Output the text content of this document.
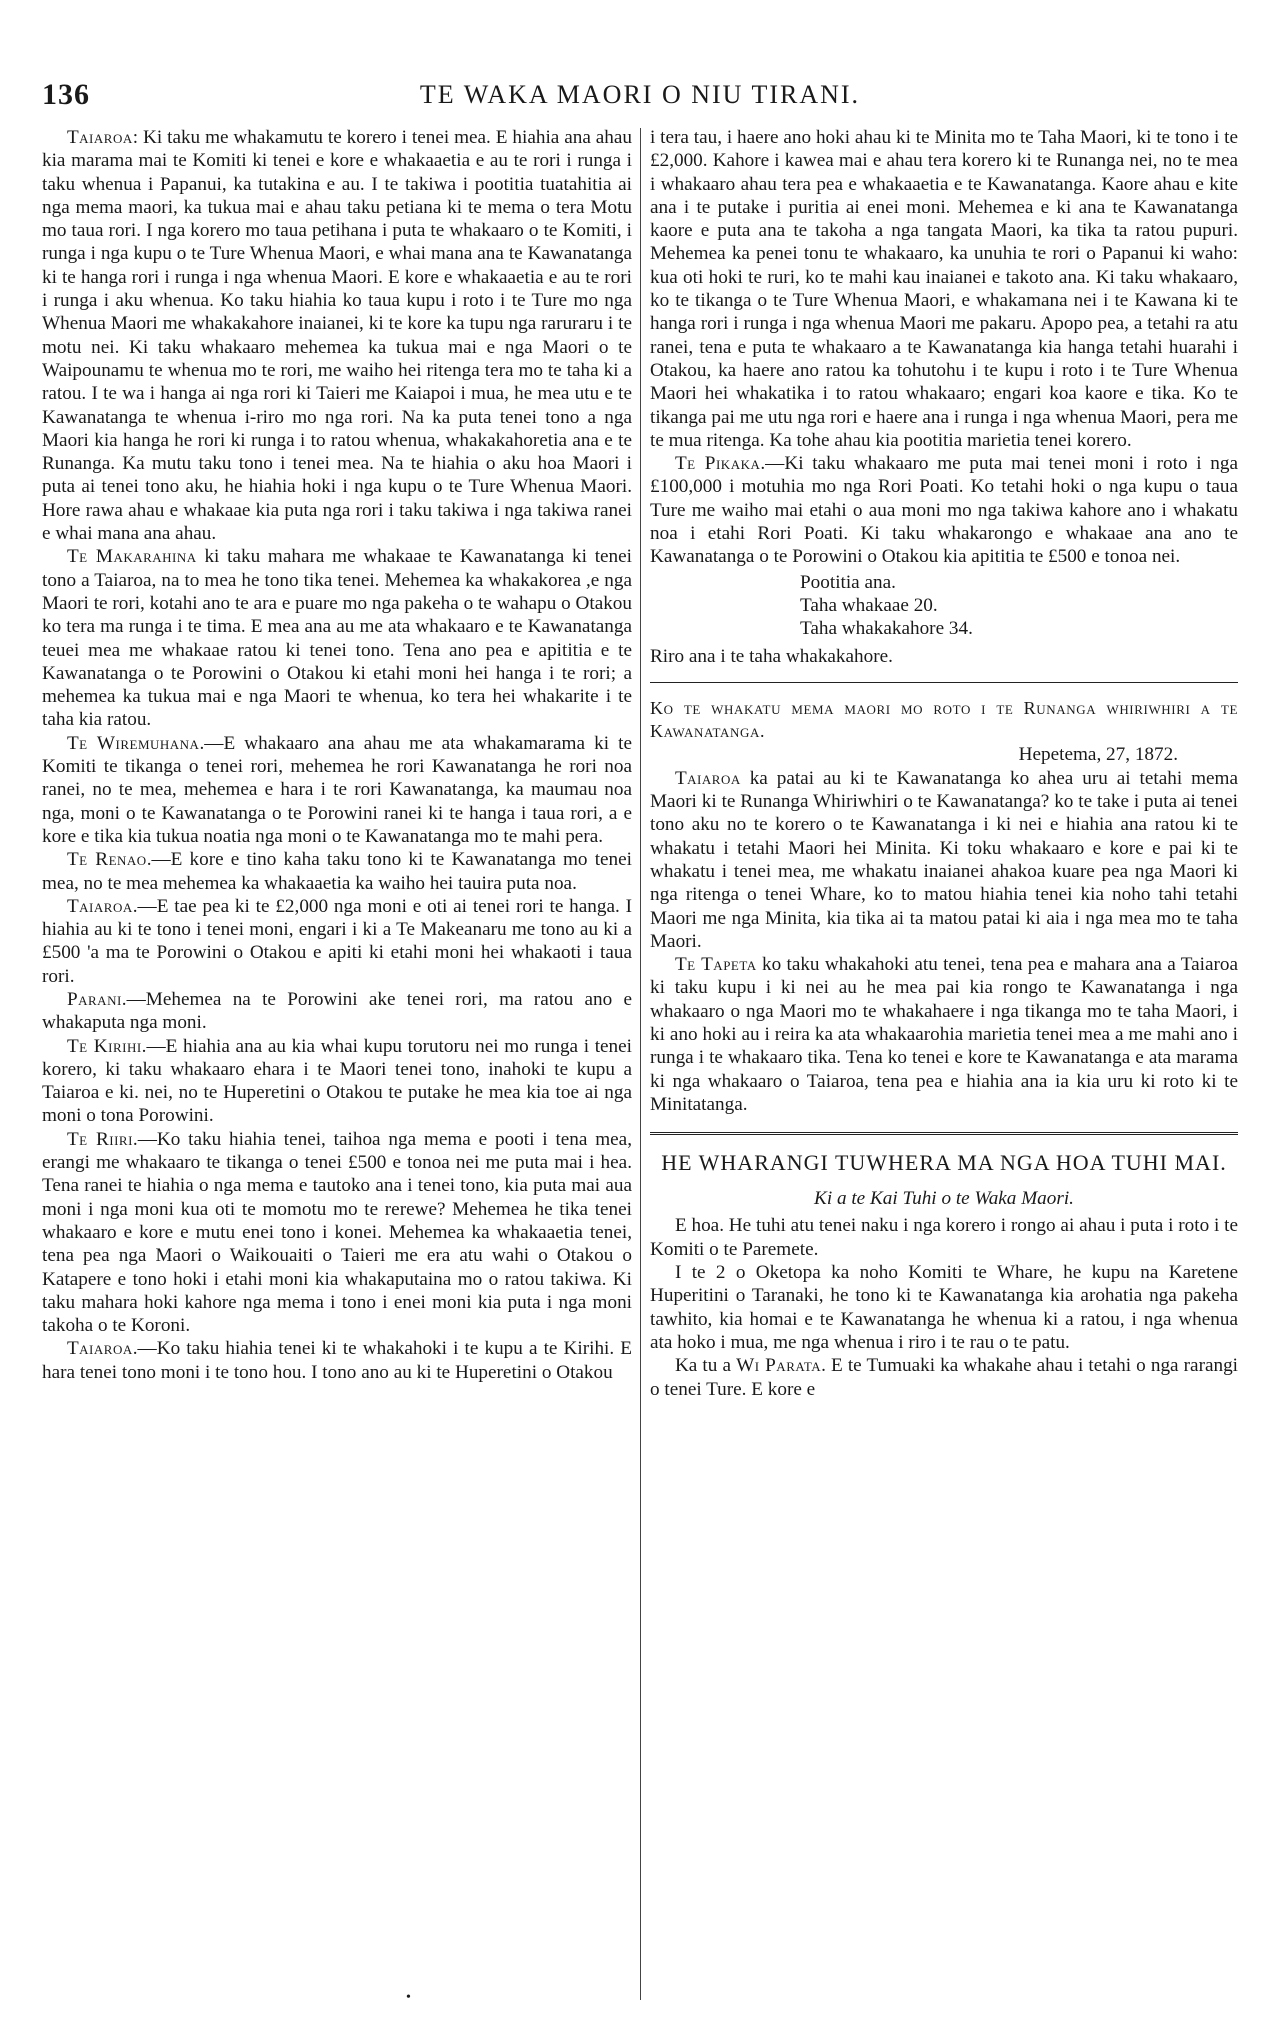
136	TE WAKA MAORI O NIU TIRANI.

Taiaroa: Ki taku me whakamutu te korero i tenei mea. E hiahia ana ahau kia marama mai te Komiti ki tenei e kore e whakaaetia e au te rori i runga i taku whenua i Papanui, ka tutakina e au. I te takiwa i pootitia tuatahitia ai nga mema maori, ka tukua mai e ahau taku petiana ki te mema o tera Motu mo taua rori. I nga korero mo taua petihana i puta te whakaaro o te Komiti, i runga i nga kupu o te Ture Whenua Maori, e whai mana ana te Kawanatanga ki te hanga rori i runga i nga whenua Maori. E kore e whakaaetia e au te rori i runga i aku whenua. Ko taku hiahia ko taua kupu i roto i te Ture mo nga Whenua Maori me whakakahore inaianei, ki te kore ka tupu nga raruraru i te motu nei. Ki taku whakaaro mehemea ka tukua mai e nga Maori o te Waipounamu te whenua mo te rori, me waiho hei ritenga tera mo te taha ki a ratou. I te wa i hanga ai nga rori ki Taieri me Kaiapoi i mua, he mea utu e te Kawanatanga te whenua i-riro mo nga rori. Na ka puta tenei tono a nga Maori kia hanga he rori ki runga i to ratou whenua, whakakahoretia ana e te Runanga. Ka mutu taku tono i tenei mea. Na te hiahia o aku hoa Maori i puta ai tenei tono aku, he hiahia hoki i nga kupu o te Ture Whenua Maori. Hore rawa ahau e whakaae kia puta nga rori i taku takiwa i nga takiwa ranei e whai mana ana ahau.

Te Makarahina ki taku mahara me whakaae te Kawanatanga ki tenei tono a Taiaroa, na to mea he tono tika tenei. Mehemea ka whakakorea ,e nga Maori te rori, kotahi ano te ara e puare mo nga pakeha o te wahapu o Otakou ko tera ma runga i te tima. E mea ana au me ata whakaaro e te Kawanatanga teuei mea me whakaae ratou ki tenei tono. Tena ano pea e apititia e te Kawanatanga o te Porowini o Otakou ki etahi moni hei hanga i te rori; a mehemea ka tukua mai e nga Maori te whenua, ko tera hei whakarite i te taha kia ratou.

Te Wiremuhana.—E whakaaro ana ahau me ata whakamarama ki te Komiti te tikanga o tenei rori, mehemea he rori Kawanatanga he rori noa ranei, no te mea, mehemea e hara i te rori Kawanatanga, ka maumau noa nga, moni o te Kawanatanga o te Porowini ranei ki te hanga i taua rori, a e kore e tika kia tukua noatia nga moni o te Kawanatanga mo te mahi pera.

Te Renao.—E kore e tino kaha taku tono ki te Kawanatanga mo tenei mea, no te mea mehemea ka whakaaetia ka waiho hei tauira puta noa.

Taiaroa.—E tae pea ki te £2,000 nga moni e oti ai tenei rori te hanga. I hiahia au ki te tono i tenei moni, engari i ki a Te Makeanaru me tono au ki a £500 'a ma te Porowini o Otakou e apiti ki etahi moni hei whakaoti i taua rori.

Parani.—Mehemea na te Porowini ake tenei rori, ma ratou ano e whakaputa nga moni.

Te Kirihi.—E hiahia ana au kia whai kupu torutoru nei mo runga i tenei korero, ki taku whakaaro ehara i te Maori tenei tono, inahoki te kupu a Taiaroa e ki. nei, no te Huperetini o Otakou te putake he mea kia toe ai nga moni o tona Porowini.

Te Riiri.—Ko taku hiahia tenei, taihoa nga mema e pooti i tena mea, erangi me whakaaro te tikanga o tenei £500 e tonoa nei me puta mai i hea. Tena ranei te hiahia o nga mema e tautoko ana i tenei tono, kia puta mai aua moni i nga moni kua oti te momotu mo te rerewe? Mehemea he tika tenei whakaaro e kore e mutu enei tono i konei. Mehemea ka whakaaetia tenei, tena pea nga Maori o Waikouaiti o Taieri me era atu wahi o Otakou o Katapere e tono hoki i etahi moni kia whakaputaina mo o ratou takiwa. Ki taku mahara hoki kahore nga mema i tono i enei moni kia puta i nga moni takoha o te Koroni.

Taiaroa.—Ko taku hiahia tenei ki te whakahoki i te kupu a te Kirihi. E hara tenei tono moni i te tono hou. I tono ano au ki te Huperetini o Otakou

i tera tau, i haere ano hoki ahau ki te Minita mo te Taha Maori, ki te tono i te £2,000. Kahore i kawea mai e ahau tera korero ki te Runanga nei, no te mea i whakaaro ahau tera pea e whakaaetia e te Kawanatanga. Kaore ahau e kite ana i te putake i puritia ai enei moni. Mehemea e ki ana te Kawanatanga kaore e puta ana te takoha a nga tangata Maori, ka tika ta ratou pupuri. Mehemea ka penei tonu te whakaaro, ka unuhia te rori o Papanui ki waho: kua oti hoki te ruri, ko te mahi kau inaianei e takoto ana. Ki taku whakaaro, ko te tikanga o te Ture Whenua Maori, e whakamana nei i te Kawana ki te hanga rori i runga i nga whenua Maori me pakaru. Apopo pea, a tetahi ra atu ranei, tena e puta te whakaaro a te Kawanatanga kia hanga tetahi huarahi i Otakou, ka haere ano ratou ka tohutohu i te kupu i roto i te Ture Whenua Maori hei whakatika i to ratou whakaaro; engari koa kaore e tika. Ko te tikanga pai me utu nga rori e haere ana i runga i nga whenua Maori, pera me te mua ritenga. Ka tohe ahau kia pootitia marietia tenei korero.

Te Pikaka.—Ki taku whakaaro me puta mai tenei moni i roto i nga £100,000 i motuhia mo nga Rori Poati. Ko tetahi hoki o nga kupu o taua Ture me waiho mai etahi o aua moni mo nga takiwa kahore ano i whakatu noa i etahi Rori Poati. Ki taku whakarongo e whakaae ana ano te Kawanatanga o te Porowini o Otakou kia apititia te £500 e tonoa nei.

Pootitia ana.
Taha whakaae 20.
Taha whakakahore 34.

Riro ana i te taha whakakahore.

Ko te whakatu mema maori mo roto i te Runanga whiriwhiri a te Kawanatanga.

Hepetema, 27, 1872.

Taiaroa ka patai au ki te Kawanatanga ko ahea uru ai tetahi mema Maori ki te Runanga Whiriwhiri o te Kawanatanga? ko te take i puta ai tenei tono aku no te korero o te Kawanatanga i ki nei e hiahia ana ratou ki te whakatu i tetahi Maori hei Minita. Ki toku whakaaro e kore e pai ki te whakatu i tenei mea, me whakatu inaianei ahakoa kuare pea nga Maori ki nga ritenga o tenei Whare, ko to matou hiahia tenei kia noho tahi tetahi Maori me nga Minita, kia tika ai ta matou patai ki aia i nga mea mo te taha Maori.

Te Tapeta ko taku whakahoki atu tenei, tena pea e mahara ana a Taiaroa ki taku kupu i ki nei au he mea pai kia rongo te Kawanatanga i nga whakaaro o nga Maori mo te whakahaere i nga tikanga mo te taha Maori, i ki ano hoki au i reira ka ata whakaarohia marietia tenei mea a me mahi ano i runga i te whakaaro tika. Tena ko tenei e kore te Kawanatanga e ata marama ki nga whakaaro o Taiaroa, tena pea e hiahia ana ia kia uru ki roto ki te Minitatanga.

HE WHARANGI TUWHERA MA NGA HOA TUHI MAI.

Ki a te Kai Tuhi o te Waka Maori.

E hoa. He tuhi atu tenei naku i nga korero i rongo ai ahau i puta i roto i te Komiti o te Paremete.

I te 2 o Oketopa ka noho Komiti te Whare, he kupu na Karetene Huperitini o Taranaki, he tono ki te Kawanatanga kia arohatia nga pakeha tawhito, kia homai e te Kawanatanga he whenua ki a ratou, i nga whenua ata hoko i mua, me nga whenua i riro i te rau o te patu.

Ka tu a Wi Parata. E te Tumuaki ka whakahe ahau i tetahi o nga rarangi o tenei Ture. E kore e

•
